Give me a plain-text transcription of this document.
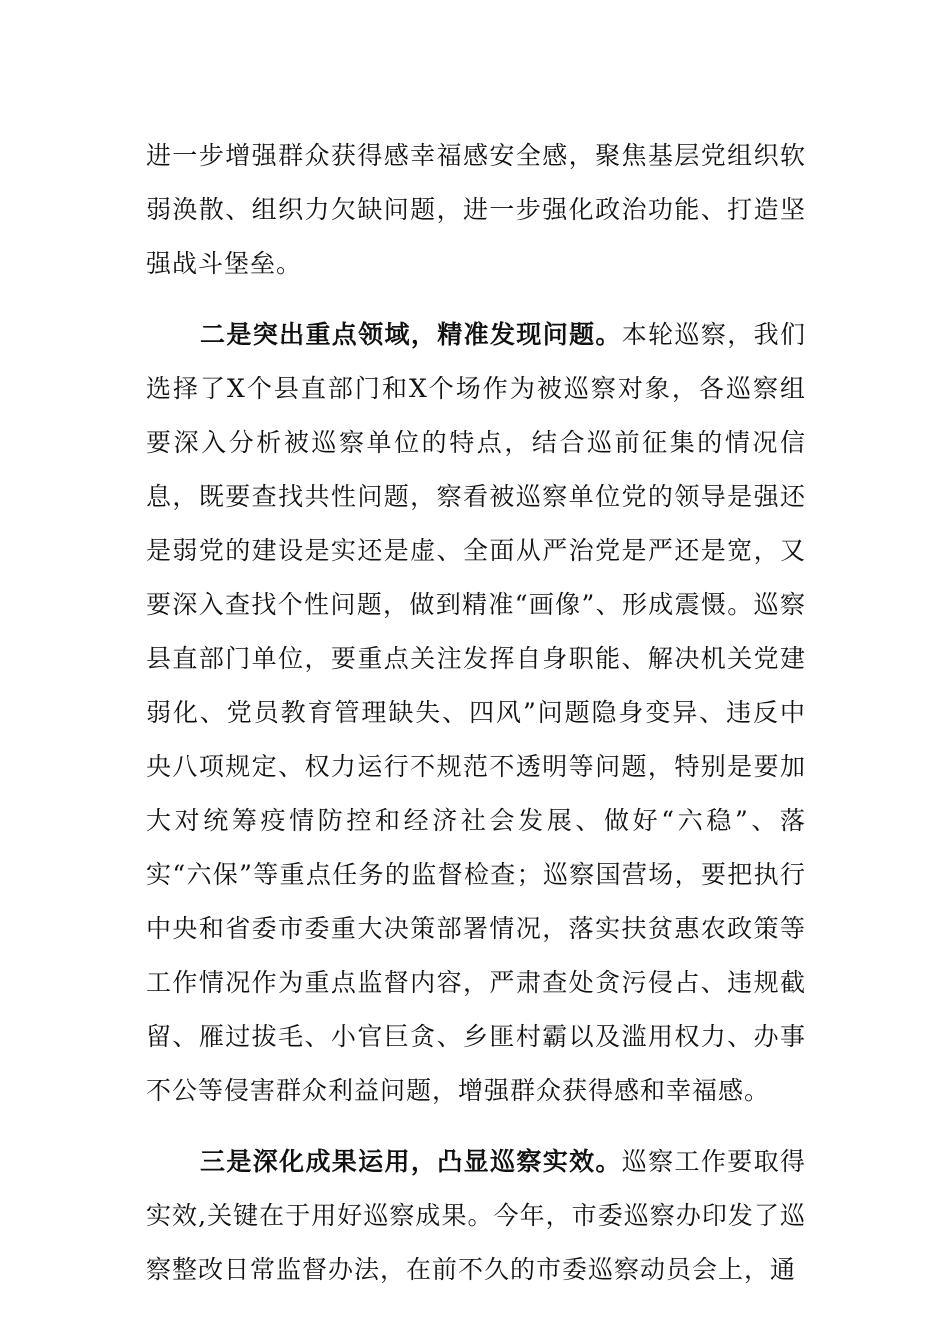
进一步增强群众获得感幸福感安全感，聚焦基层党组织软弱涣散、组织力欠缺问题，进一步强化政治功能、打造坚强战斗堡垒。

二是突出重点领域，精准发现问题。本轮巡察，我们选择了X个县直部门和X个场作为被巡察对象，各巡察组要深入分析被巡察单位的特点，结合巡前征集的情况信息，既要查找共性问题，察看被巡察单位党的领导是强还是弱党的建设是实还是虚、全面从严治党是严还是宽，又要深入查找个性问题，做到精准“画像”、形成震慑。巡察县直部门单位，要重点关注发挥自身职能、解决机关党建弱化、党员教育管理缺失、四风”问题隐身变异、违反中央八项规定、权力运行不规范不透明等问题，特别是要加大对统筹疫情防控和经济社会发展、做好“六稳”、落实“六保”等重点任务的监督检查；巡察国营场，要把执行中央和省委市委重大决策部署情况，落实扶贫惠农政策等工作情况作为重点监督内容，严肃查处贪污侵占、违规截留、雁过拔毛、小官巨贪、乡匪村霸以及滥用权力、办事不公等侵害群众利益问题，增强群众获得感和幸福感。

三是深化成果运用，凸显巡察实效。巡察工作要取得实效,关键在于用好巡察成果。今年，市委巡察办印发了巡察整改日常监督办法，在前不久的市委巡察动员会上，通
